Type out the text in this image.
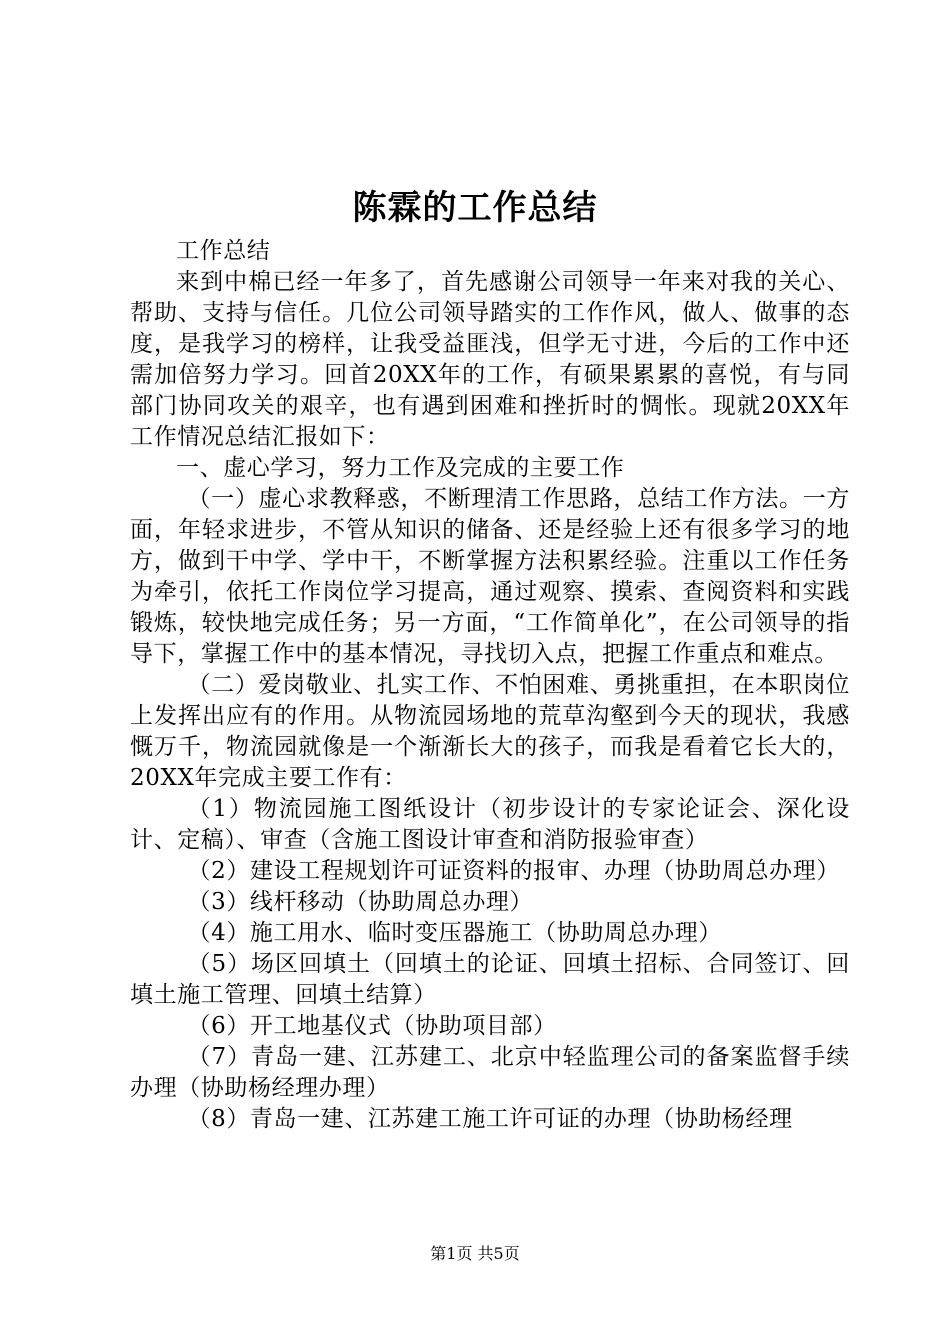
陈霖的工作总结

工作总结

来到中棉已经一年多了，首先感谢公司领导一年来对我的关心、帮助、支持与信任。几位公司领导踏实的工作作风，做人、做事的态度，是我学习的榜样，让我受益匪浅，但学无寸进，今后的工作中还需加倍努力学习。回首20XX年的工作，有硕果累累的喜悦，有与同部门协同攻关的艰辛，也有遇到困难和挫折时的惆怅。现就20XX年工作情况总结汇报如下：

一、虚心学习，努力工作及完成的主要工作

（一）虚心求教释惑，不断理清工作思路，总结工作方法。一方面，年轻求进步，不管从知识的储备、还是经验上还有很多学习的地方，做到干中学、学中干，不断掌握方法积累经验。注重以工作任务为牵引，依托工作岗位学习提高，通过观察、摸索、查阅资料和实践锻炼，较快地完成任务；另一方面，“工作简单化”，在公司领导的指导下，掌握工作中的基本情况，寻找切入点，把握工作重点和难点。

（二）爱岗敬业、扎实工作、不怕困难、勇挑重担，在本职岗位上发挥出应有的作用。从物流园场地的荒草沟壑到今天的现状，我感慨万千，物流园就像是一个渐渐长大的孩子，而我是看着它长大的，20XX年完成主要工作有：

（1）物流园施工图纸设计（初步设计的专家论证会、深化设计、定稿）、审查（含施工图设计审查和消防报验审查）

（2）建设工程规划许可证资料的报审、办理（协助周总办理）

（3）线杆移动（协助周总办理）

（4）施工用水、临时变压器施工（协助周总办理）

（5）场区回填土（回填土的论证、回填土招标、合同签订、回填土施工管理、回填土结算）

（6）开工地基仪式（协助项目部）

（7）青岛一建、江苏建工、北京中轻监理公司的备案监督手续办理（协助杨经理办理）

（8）青岛一建、江苏建工施工许可证的办理（协助杨经理

第1页 共5页
